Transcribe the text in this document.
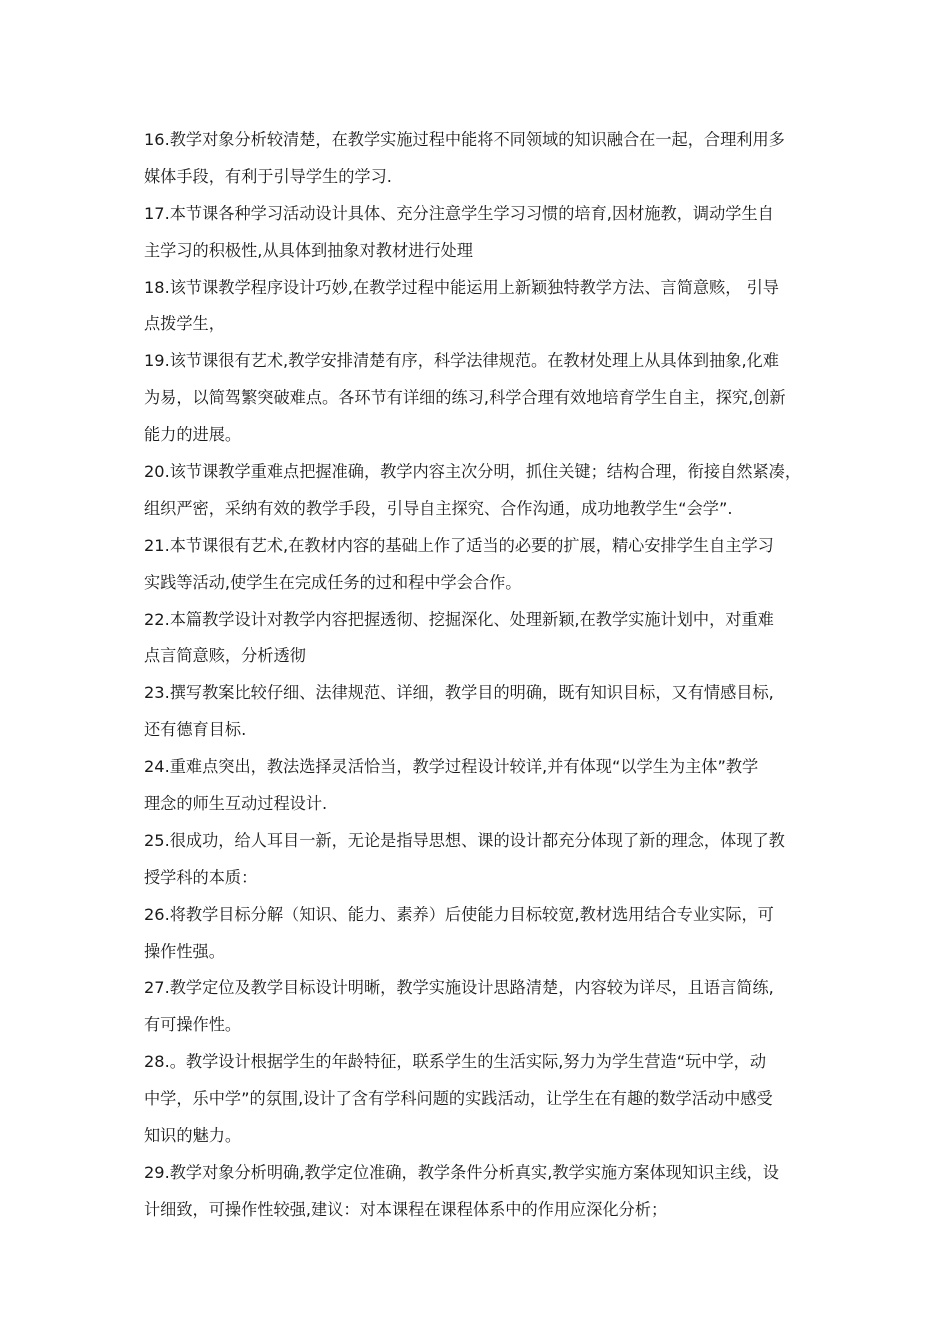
16.教学对象分析较清楚，在教学实施过程中能将不同领域的知识融合在一起，合理利用多
媒体手段，有利于引导学生的学习.
17.本节课各种学习活动设计具体、充分注意学生学习习惯的培育,因材施教，调动学生自
主学习的积极性,从具体到抽象对教材进行处理
18.该节课教学程序设计巧妙,在教学过程中能运用上新颖独特教学方法、言简意赅， 引导
点拨学生，
19.该节课很有艺术,教学安排清楚有序，科学法律规范。在教材处理上从具体到抽象,化难
为易，以简驾繁突破难点。各环节有详细的练习,科学合理有效地培育学生自主，探究,创新
能力的进展。
20.该节课教学重难点把握准确，教学内容主次分明，抓住关键；结构合理，衔接自然紧凑，
组织严密，采纳有效的教学手段，引导自主探究、合作沟通，成功地教学生“会学”.
21.本节课很有艺术,在教材内容的基础上作了适当的必要的扩展，精心安排学生自主学习
实践等活动,使学生在完成任务的过和程中学会合作。
22.本篇教学设计对教学内容把握透彻、挖掘深化、处理新颖,在教学实施计划中，对重难
点言简意赅，分析透彻
23.撰写教案比较仔细、法律规范、详细，教学目的明确，既有知识目标，又有情感目标,
还有德育目标.
24.重难点突出，教法选择灵活恰当，教学过程设计较详,并有体现“以学生为主体”教学
理念的师生互动过程设计.
25.很成功，给人耳目一新，无论是指导思想、课的设计都充分体现了新的理念，体现了教
授学科的本质：
26.将教学目标分解（知识、能力、素养）后使能力目标较宽,教材选用结合专业实际，可
操作性强。
27.教学定位及教学目标设计明晰，教学实施设计思路清楚，内容较为详尽，且语言简练,
有可操作性。
28.。教学设计根据学生的年龄特征，联系学生的生活实际,努力为学生营造“玩中学，动
中学，乐中学”的氛围,设计了含有学科问题的实践活动，让学生在有趣的数学活动中感受
知识的魅力。
29.教学对象分析明确,教学定位准确，教学条件分析真实,教学实施方案体现知识主线，设
计细致，可操作性较强,建议：对本课程在课程体系中的作用应深化分析；
